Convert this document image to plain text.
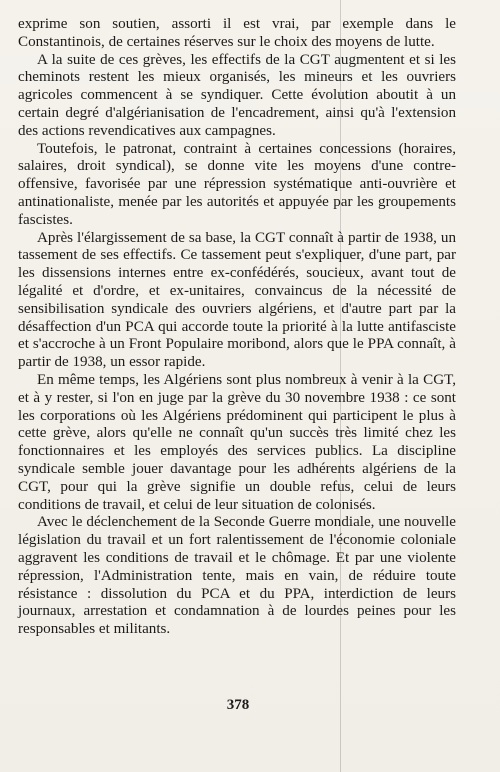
exprime son soutien, assorti il est vrai, par exemple dans le Constantinois, de certaines réserves sur le choix des moyens de lutte.

A la suite de ces grèves, les effectifs de la CGT augmentent et si les cheminots restent les mieux organisés, les mineurs et les ouvriers agricoles commencent à se syndiquer. Cette évolution aboutit à un certain degré d'algérianisation de l'encadrement, ainsi qu'à l'extension des actions revendicatives aux campagnes.

Toutefois, le patronat, contraint à certaines concessions (horaires, salaires, droit syndical), se donne vite les moyens d'une contre-offensive, favorisée par une répression systématique anti-ouvrière et antinationaliste, menée par les autorités et appuyée par les groupements fascistes.

Après l'élargissement de sa base, la CGT connaît à partir de 1938, un tassement de ses effectifs. Ce tassement peut s'expliquer, d'une part, par les dissensions internes entre ex-confédérés, soucieux, avant tout de légalité et d'ordre, et ex-unitaires, convaincus de la nécessité de sensibilisation syndicale des ouvriers algériens, et d'autre part par la désaffection d'un PCA qui accorde toute la priorité à la lutte antifasciste et s'accroche à un Front Populaire moribond, alors que le PPA connaît, à partir de 1938, un essor rapide.

En même temps, les Algériens sont plus nombreux à venir à la CGT, et à y rester, si l'on en juge par la grève du 30 novembre 1938 : ce sont les corporations où les Algériens prédominent qui participent le plus à cette grève, alors qu'elle ne connaît qu'un succès très limité chez les fonctionnaires et les employés des services publics. La discipline syndicale semble jouer davantage pour les adhérents algériens de la CGT, pour qui la grève signifie un double refus, celui de leurs conditions de travail, et celui de leur situation de colonisés.

Avec le déclenchement de la Seconde Guerre mondiale, une nouvelle législation du travail et un fort ralentissement de l'économie coloniale aggravent les conditions de travail et le chômage. Et par une violente répression, l'Administration tente, mais en vain, de réduire toute résistance : dissolution du PCA et du PPA, interdiction de leurs journaux, arrestation et condamnation à de lourdes peines pour les responsables et militants.

378
